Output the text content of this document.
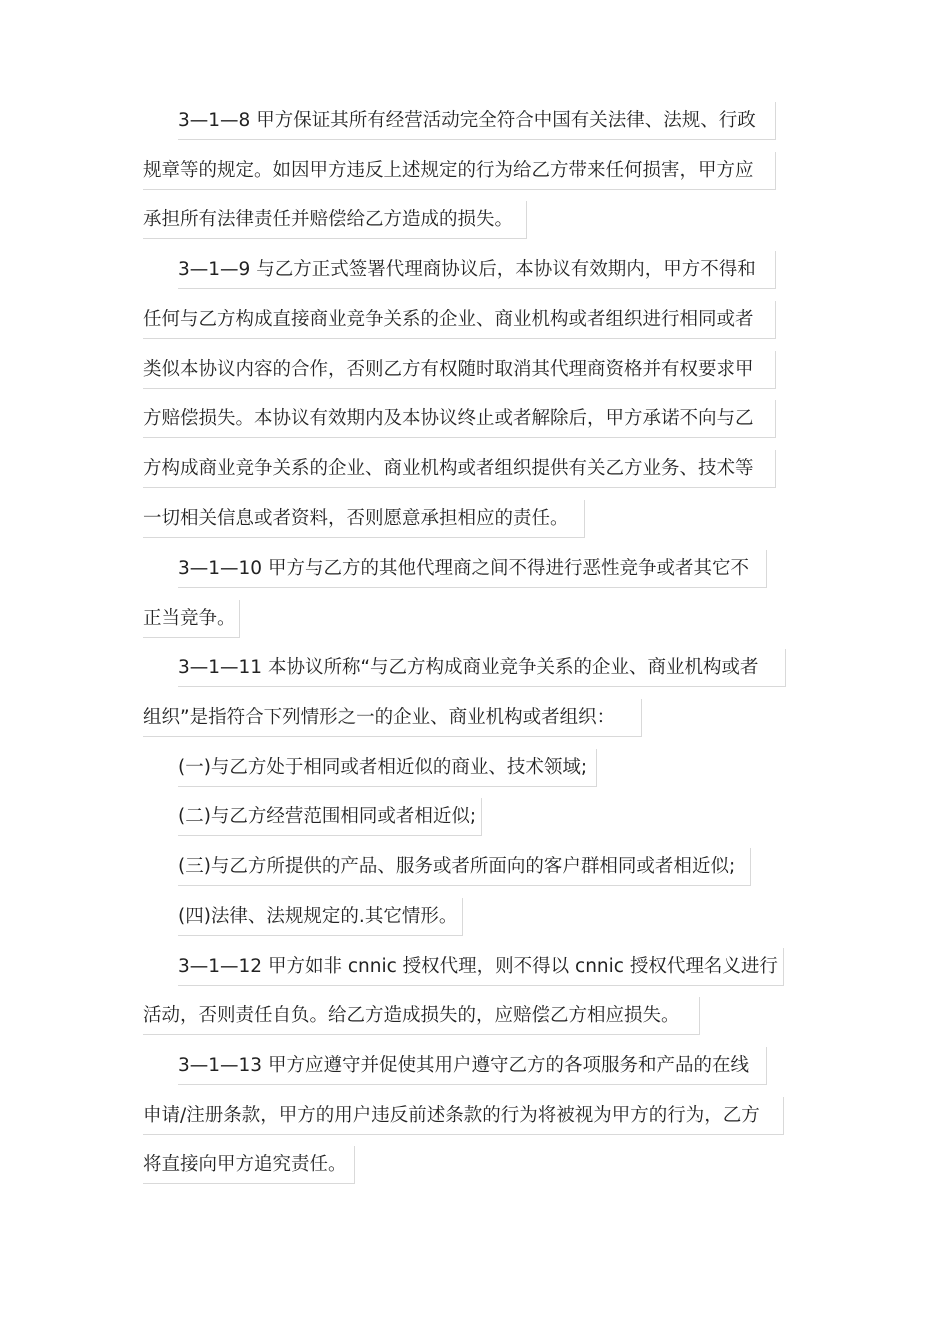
3—1—8 甲方保证其所有经营活动完全符合中国有关法律、法规、行政
规章等的规定。如因甲方违反上述规定的行为给乙方带来任何损害，甲方应
承担所有法律责任并赔偿给乙方造成的损失。
3—1—9 与乙方正式签署代理商协议后，本协议有效期内，甲方不得和
任何与乙方构成直接商业竞争关系的企业、商业机构或者组织进行相同或者
类似本协议内容的合作，否则乙方有权随时取消其代理商资格并有权要求甲
方赔偿损失。本协议有效期内及本协议终止或者解除后，甲方承诺不向与乙
方构成商业竞争关系的企业、商业机构或者组织提供有关乙方业务、技术等
一切相关信息或者资料，否则愿意承担相应的责任。
3—1—10 甲方与乙方的其他代理商之间不得进行恶性竞争或者其它不
正当竞争。
3—1—11 本协议所称“与乙方构成商业竞争关系的企业、商业机构或者
组织”是指符合下列情形之一的企业、商业机构或者组织：
(一)与乙方处于相同或者相近似的商业、技术领域;
(二)与乙方经营范围相同或者相近似;
(三)与乙方所提供的产品、服务或者所面向的客户群相同或者相近似;
(四)法律、法规规定的.其它情形。
3—1—12 甲方如非 cnnic 授权代理，则不得以 cnnic 授权代理名义进行
活动，否则责任自负。给乙方造成损失的，应赔偿乙方相应损失。
3—1—13 甲方应遵守并促使其用户遵守乙方的各项服务和产品的在线
申请/注册条款，甲方的用户违反前述条款的行为将被视为甲方的行为，乙方
将直接向甲方追究责任。
